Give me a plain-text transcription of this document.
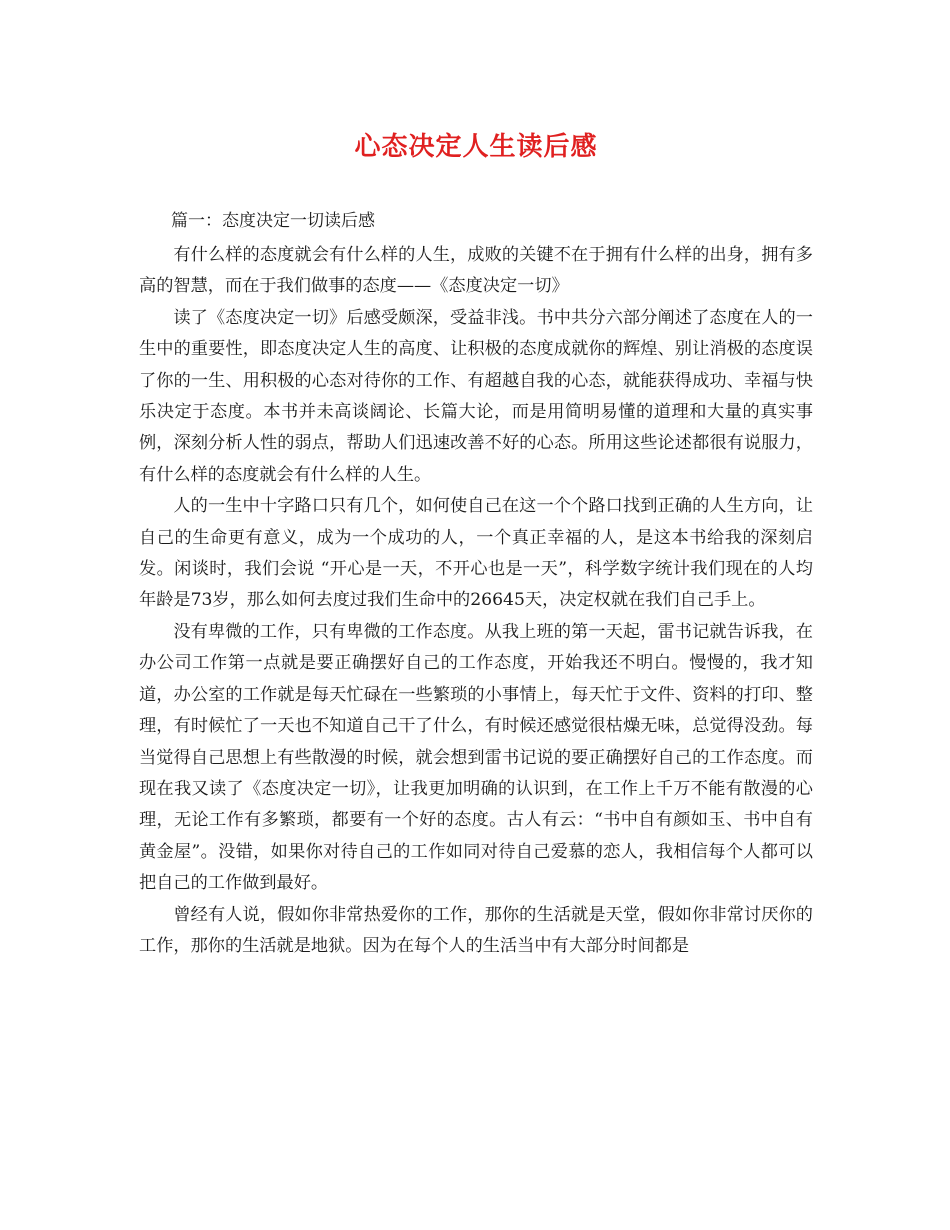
心态决定人生读后感

篇一：态度决定一切读后感

有什么样的态度就会有什么样的人生，成败的关键不在于拥有什么样的出身，拥有多高的智慧，而在于我们做事的态度——《态度决定一切》

读了《态度决定一切》后感受颇深，受益非浅。书中共分六部分阐述了态度在人的一生中的重要性，即态度决定人生的高度、让积极的态度成就你的辉煌、别让消极的态度误了你的一生、用积极的心态对待你的工作、有超越自我的心态，就能获得成功、幸福与快乐决定于态度。本书并未高谈阔论、长篇大论，而是用简明易懂的道理和大量的真实事例，深刻分析人性的弱点，帮助人们迅速改善不好的心态。所用这些论述都很有说服力，有什么样的态度就会有什么样的人生。

人的一生中十字路口只有几个，如何使自己在这一个个路口找到正确的人生方向，让自己的生命更有意义，成为一个成功的人，一个真正幸福的人，是这本书给我的深刻启发。闲谈时，我们会说 “开心是一天，不开心也是一天”，科学数字统计我们现在的人均年龄是73岁，那么如何去度过我们生命中的26645天，决定权就在我们自己手上。

没有卑微的工作，只有卑微的工作态度。从我上班的第一天起，雷书记就告诉我，在办公司工作第一点就是要正确摆好自己的工作态度，开始我还不明白。慢慢的，我才知道，办公室的工作就是每天忙碌在一些繁琐的小事情上，每天忙于文件、资料的打印、整理，有时候忙了一天也不知道自己干了什么，有时候还感觉很枯燥无味，总觉得没劲。每当觉得自己思想上有些散漫的时候，就会想到雷书记说的要正确摆好自己的工作态度。而现在我又读了《态度决定一切》，让我更加明确的认识到，在工作上千万不能有散漫的心理，无论工作有多繁琐，都要有一个好的态度。古人有云：“书中自有颜如玉、书中自有黄金屋”。没错，如果你对待自己的工作如同对待自己爱慕的恋人，我相信每个人都可以把自己的工作做到最好。

曾经有人说，假如你非常热爱你的工作，那你的生活就是天堂，假如你非常讨厌你的工作，那你的生活就是地狱。因为在每个人的生活当中有大部分时间都是
